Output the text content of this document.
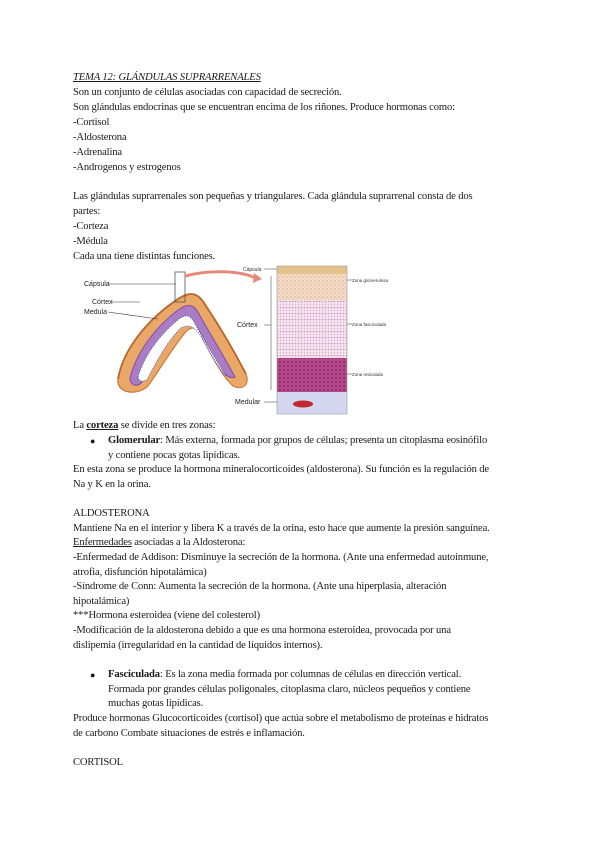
TEMA 12: GLÁNDULAS SUPRARRENALES
Son un conjunto de células asociadas con capacidad de secreción.
Son glándulas endocrinas que se encuentran encima de los riñones. Produce hormonas como:
-Cortisol
-Aldosterona
-Adrenalina
-Androgenos y estrogenos
Las glándulas suprarrenales son pequeñas y triangulares. Cada glándula suprarrenal consta de dos
partes:
-Corteza
-Médula
Cada una tiene distintas funciones.
Cápsula
Córtex
Medula
Cápsula
Córtex
Medular
Zona glomerulosa
Zona fasciculada
Zona reticulada
La corteza se divide en tres zonas:
● Glomerular: Más externa, formada por grupos de células; presenta un citoplasma eosinófilo
y contiene pocas gotas lipídicas.
En esta zona se produce la hormona mineralocorticoides (aldosterona). Su función es la regulación de
Na y K en la orina.
ALDOSTERONA
Mantiene Na en el interior y libera K a través de la orina, esto hace que aumente la presión sanguínea.
Enfermedades asociadas a la Aldosterona:
-Enfermedad de Addison: Disminuye la secreción de la hormona. (Ante una enfermedad autoinmune,
atrofia, disfunción hipotalámica)
-Síndrome de Conn: Aumenta la secreción de la hormona. (Ante una hiperplasia, alteración
hipotalámica)
***Hormona esteroidea (viene del colesterol)
-Modificación de la aldosterona debido a que es una hormona esteroidea, provocada por una
dislipemia (irregularidad en la cantidad de líquidos internos).
● Fasciculada: Es la zona media formada por columnas de células en dirección vertical.
Formada por grandes células poligonales, citoplasma claro, núcleos pequeños y contiene
muchas gotas lipídicas.
Produce hormonas Glucocorticoides (cortisol) que actúa sobre el metabolismo de proteínas e hidratos
de carbono Combate situaciones de estrés e inflamación.
CORTISOL
